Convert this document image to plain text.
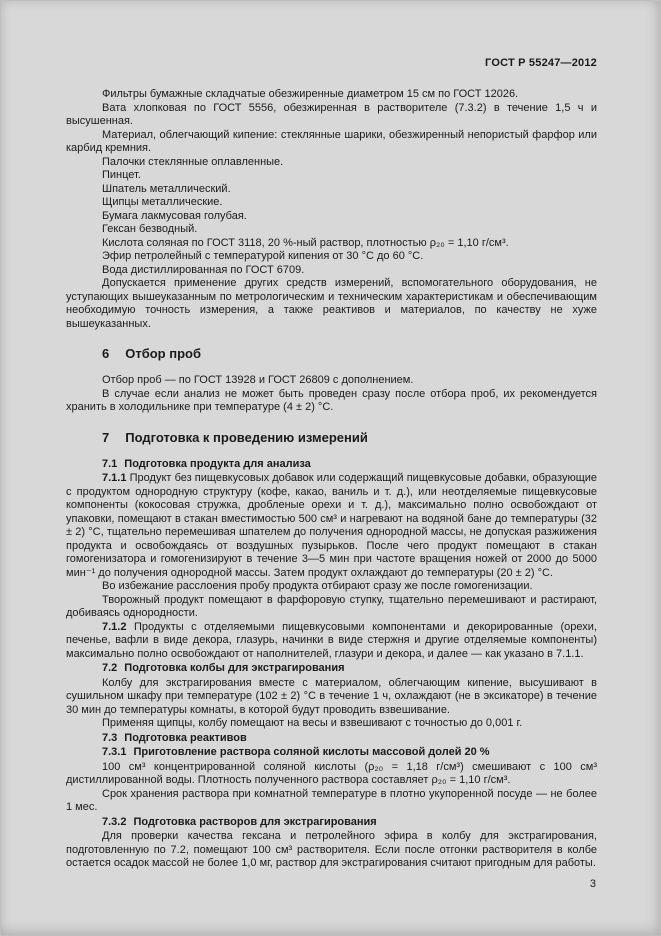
ГОСТ Р 55247—2012

Фильтры бумажные складчатые обезжиренные диаметром 15 см по ГОСТ 12026.

Вата хлопковая по ГОСТ 5556, обезжиренная в растворителе (7.3.2) в течение 1,5 ч и высушенная.

Материал, облегчающий кипение: стеклянные шарики, обезжиренный непористый фарфор или карбид кремния.

Палочки стеклянные оплавленные.

Пинцет.

Шпатель металлический.

Щипцы металлические.

Бумага лакмусовая голубая.

Гексан безводный.

Кислота соляная по ГОСТ 3118, 20 %-ный раствор, плотностью ρ₂₀ = 1,10 г/см³.

Эфир петролейный с температурой кипения от 30 °С до 60 °С.

Вода дистиллированная по ГОСТ 6709.

Допускается применение других средств измерений, вспомогательного оборудования, не уступающих вышеуказанным по метрологическим и техническим характеристикам и обеспечивающим необходимую точность измерения, а также реактивов и материалов, по качеству не хуже вышеуказанных.

6 Отбор проб

Отбор проб — по ГОСТ 13928 и ГОСТ 26809 с дополнением.

В случае если анализ не может быть проведен сразу после отбора проб, их рекомендуется хранить в холодильнике при температуре (4 ± 2) °С.

7 Подготовка к проведению измерений
7.1 Подготовка продукта для анализа

7.1.1 Продукт без пищевкусовых добавок или содержащий пищевкусовые добавки, образующие с продуктом однородную структуру (кофе, какао, ваниль и т. д.), или неотделяемые пищевкусовые компоненты (кокосовая стружка, дробленые орехи и т. д.), максимально полно освобождают от упаковки, помещают в стакан вместимостью 500 см³ и нагревают на водяной бане до температуры (32 ± 2) °С, тщательно перемешивая шпателем до получения однородной массы, не допуская разжижения продукта и освобождаясь от воздушных пузырьков. После чего продукт помещают в стакан гомогенизатора и гомогенизируют в течение 3—5 мин при частоте вращения ножей от 2000 до 5000 мин⁻¹ до получения однородной массы. Затем продукт охлаждают до температуры (20 ± 2) °С.

Во избежание расслоения пробу продукта отбирают сразу же после гомогенизации.

Творожный продукт помещают в фарфоровую ступку, тщательно перемешивают и растирают, добиваясь однородности.

7.1.2 Продукты с отделяемыми пищевкусовыми компонентами и декорированные (орехи, печенье, вафли в виде декора, глазурь, начинки в виде стержня и другие отделяемые компоненты) максимально полно освобождают от наполнителей, глазури и декора, и далее — как указано в 7.1.1.

7.2 Подготовка колбы для экстрагирования

Колбу для экстрагирования вместе с материалом, облегчающим кипение, высушивают в сушильном шкафу при температуре (102 ± 2) °С в течение 1 ч, охлаждают (не в эксикаторе) в течение 30 мин до температуры комнаты, в которой будут проводить взвешивание.

Применяя щипцы, колбу помещают на весы и взвешивают с точностью до 0,001 г.

7.3 Подготовка реактивов
7.3.1 Приготовление раствора соляной кислоты массовой долей 20 %

100 см³ концентрированной соляной кислоты (ρ₂₀ = 1,18 г/см³) смешивают с 100 см³ дистиллированной воды. Плотность полученного раствора составляет ρ₂₀ = 1,10 г/см³.

Срок хранения раствора при комнатной температуре в плотно укупоренной посуде — не более 1 мес.

7.3.2 Подготовка растворов для экстрагирования

Для проверки качества гексана и петролейного эфира в колбу для экстрагирования, подготовленную по 7.2, помещают 100 см³ растворителя. Если после отгонки растворителя в колбе остается осадок массой не более 1,0 мг, раствор для экстрагирования считают пригодным для работы.

3
